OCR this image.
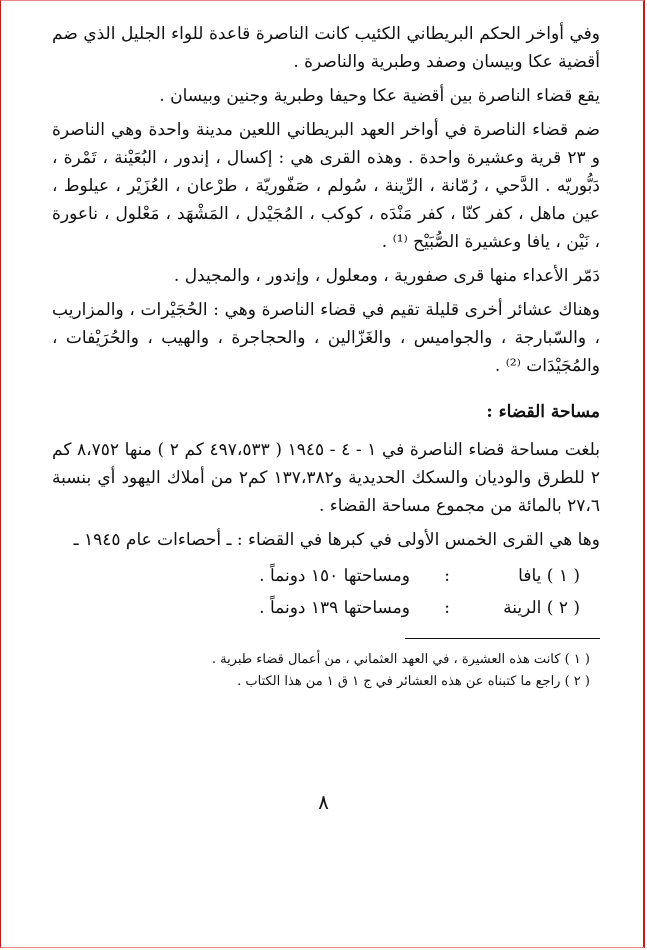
وفي أواخر الحكم البريطاني الكئيب كانت الناصرة قاعدة للواء الجليل الذي ضم أقضية عكا وبيسان وصفد وطبرية والناصرة .

يقع قضاء الناصرة بين أقضية عكا وحيفا وطبرية وجنين وبيسان .

ضم قضاء الناصرة في أواخر العهد البريطاني اللعين مدينة واحدة وهي الناصرة و ٢٣ قرية وعشيرة واحدة . وهذه القرى هي : إكسال ، إندور ، البُعَيْنة ، تَمْرة ، دَبُّوريّه . الدَّحي ، رُمّانة ، الرِّينة ، سُولم ، صَفّوريّة ، طرْعان ، العُزَيْر ، عيلوط ، عين ماهل ، كفر كنّا ، كفر مَنْدَه ، كوكب ، المُجَيْدل ، المَشْهَد ، مَعْلول ، ناعورة ، نَيْن ، يافا وعشيرة الصُّبَيْح ⁽¹⁾ .

دَمّر الأعداء منها قرى صفورية ، ومعلول ، وإندور ، والمجيدل .

وهناك عشائر أخرى قليلة تقيم في قضاء الناصرة وهي : الحُجَيْرات ، والمزاريب ، والسّبارجة ، والجواميس ، والغَزّالين ، والحجاجرة ، والهيب ، والحُرَيْفات ، والمُجَيْدَات ⁽²⁾ .

مساحة القضاء :

بلغت مساحة قضاء الناصرة في ١ - ٤ - ١٩٤٥ ( ٤٩٧،٥٣٣ كم ٢ ) منها ٨،٧٥٢ كم ٢ للطرق والوديان والسكك الحديدية و١٣٧،٣٨٢ كم٢ من أملاك اليهود أي بنسبة ٢٧،٦ بالمائة من مجموع مساحة القضاء .

وها هي القرى الخمس الأولى في كبرها في القضاء : ـ أحصاءات عام ١٩٤٥ ـ

( ١ ) يافا
:
ومساحتها ١٥٠ دونماً .
( ٢ ) الرينة
:
ومساحتها ١٣٩ دونماً .
( ١ ) كانت هذه العشيرة ، في العهد العثماني ، من أعمال قضاء طبرية .
( ٢ ) راجع ما كتبناه عن هذه العشائر في ج ١ ق ١ من هذا الكتاب .
٨
